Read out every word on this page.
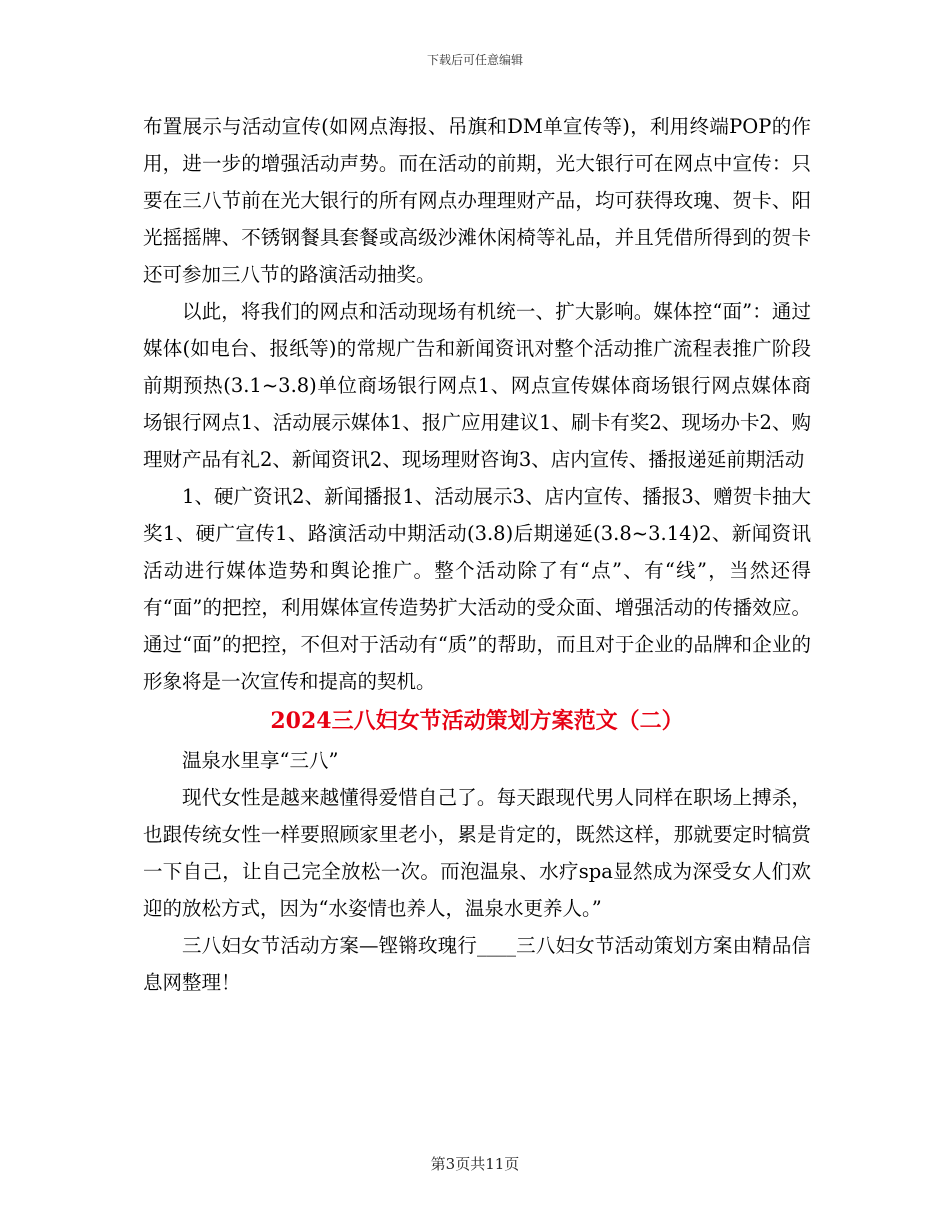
下载后可任意编辑

布置展示与活动宣传(如网点海报、吊旗和DM单宣传等)，利用终端POP的作用，进一步的增强活动声势。而在活动的前期，光大银行可在网点中宣传：只要在三八节前在光大银行的所有网点办理理财产品，均可获得玫瑰、贺卡、阳光摇摇牌、不锈钢餐具套餐或高级沙滩休闲椅等礼品，并且凭借所得到的贺卡还可参加三八节的路演活动抽奖。

以此，将我们的网点和活动现场有机统一、扩大影响。媒体控“面”：通过媒体(如电台、报纸等)的常规广告和新闻资讯对整个活动推广流程表推广阶段前期预热(3.1~3.8)单位商场银行网点1、网点宣传媒体商场银行网点媒体商场银行网点1、活动展示媒体1、报广应用建议1、刷卡有奖2、现场办卡2、购理财产品有礼2、新闻资讯2、现场理财咨询3、店内宣传、播报递延前期活动

1、硬广资讯2、新闻播报1、活动展示3、店内宣传、播报3、赠贺卡抽大奖1、硬广宣传1、路演活动中期活动(3.8)后期递延(3.8~3.14)2、新闻资讯活动进行媒体造势和舆论推广。整个活动除了有“点”、有“线”，当然还得有“面”的把控，利用媒体宣传造势扩大活动的受众面、增强活动的传播效应。通过“面”的把控，不但对于活动有“质”的帮助，而且对于企业的品牌和企业的形象将是一次宣传和提高的契机。

2024三八妇女节活动策划方案范文（二）

温泉水里享“三八”

现代女性是越来越懂得爱惜自己了。每天跟现代男人同样在职场上搏杀，也跟传统女性一样要照顾家里老小，累是肯定的，既然这样，那就要定时犒赏一下自己，让自己完全放松一次。而泡温泉、水疗spa显然成为深受女人们欢迎的放松方式，因为“水姿情也养人，温泉水更养人。”

三八妇女节活动方案—铿锵玫瑰行____三八妇女节活动策划方案由精品信息网整理！

第3页共11页
